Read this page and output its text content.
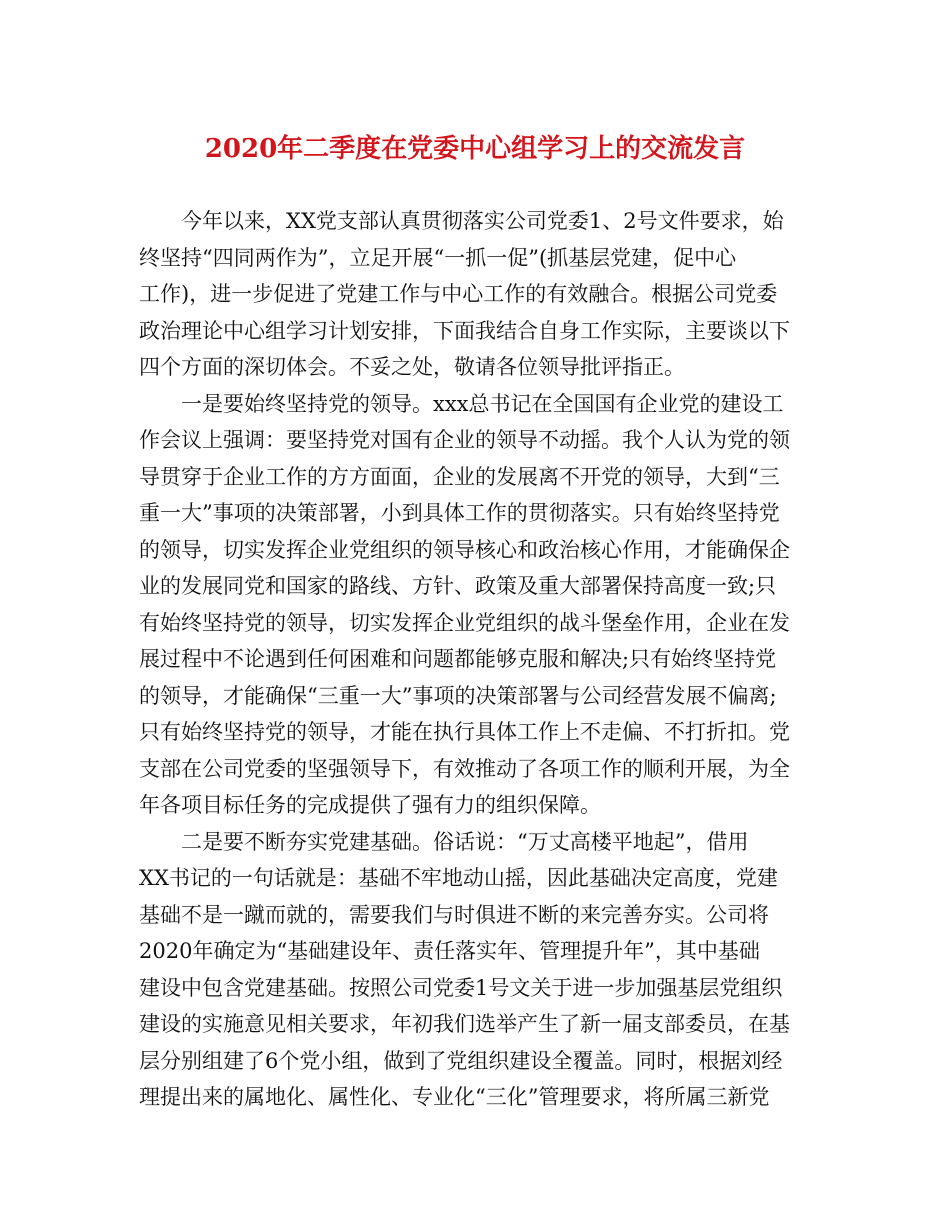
2020年二季度在党委中心组学习上的交流发言
今年以来，XX党支部认真贯彻落实公司党委1、2号文件要求，始
终坚持“四同两作为”，立足开展“一抓一促”(抓基层党建，促中心
工作)，进一步促进了党建工作与中心工作的有效融合。根据公司党委
政治理论中心组学习计划安排，下面我结合自身工作实际，主要谈以下
四个方面的深切体会。不妥之处，敬请各位领导批评指正。
一是要始终坚持党的领导。xxx总书记在全国国有企业党的建设工
作会议上强调：要坚持党对国有企业的领导不动摇。我个人认为党的领
导贯穿于企业工作的方方面面，企业的发展离不开党的领导，大到“三
重一大”事项的决策部署，小到具体工作的贯彻落实。只有始终坚持党
的领导，切实发挥企业党组织的领导核心和政治核心作用，才能确保企
业的发展同党和国家的路线、方针、政策及重大部署保持高度一致;只
有始终坚持党的领导，切实发挥企业党组织的战斗堡垒作用，企业在发
展过程中不论遇到任何困难和问题都能够克服和解决;只有始终坚持党
的领导，才能确保“三重一大”事项的决策部署与公司经营发展不偏离;
只有始终坚持党的领导，才能在执行具体工作上不走偏、不打折扣。党
支部在公司党委的坚强领导下，有效推动了各项工作的顺利开展，为全
年各项目标任务的完成提供了强有力的组织保障。
二是要不断夯实党建基础。俗话说：“万丈高楼平地起”，借用
XX书记的一句话就是：基础不牢地动山摇，因此基础决定高度，党建
基础不是一蹴而就的，需要我们与时俱进不断的来完善夯实。公司将
2020年确定为“基础建设年、责任落实年、管理提升年”，其中基础
建设中包含党建基础。按照公司党委1号文关于进一步加强基层党组织
建设的实施意见相关要求，年初我们选举产生了新一届支部委员，在基
层分别组建了6个党小组，做到了党组织建设全覆盖。同时，根据刘经
理提出来的属地化、属性化、专业化“三化”管理要求，将所属三新党
